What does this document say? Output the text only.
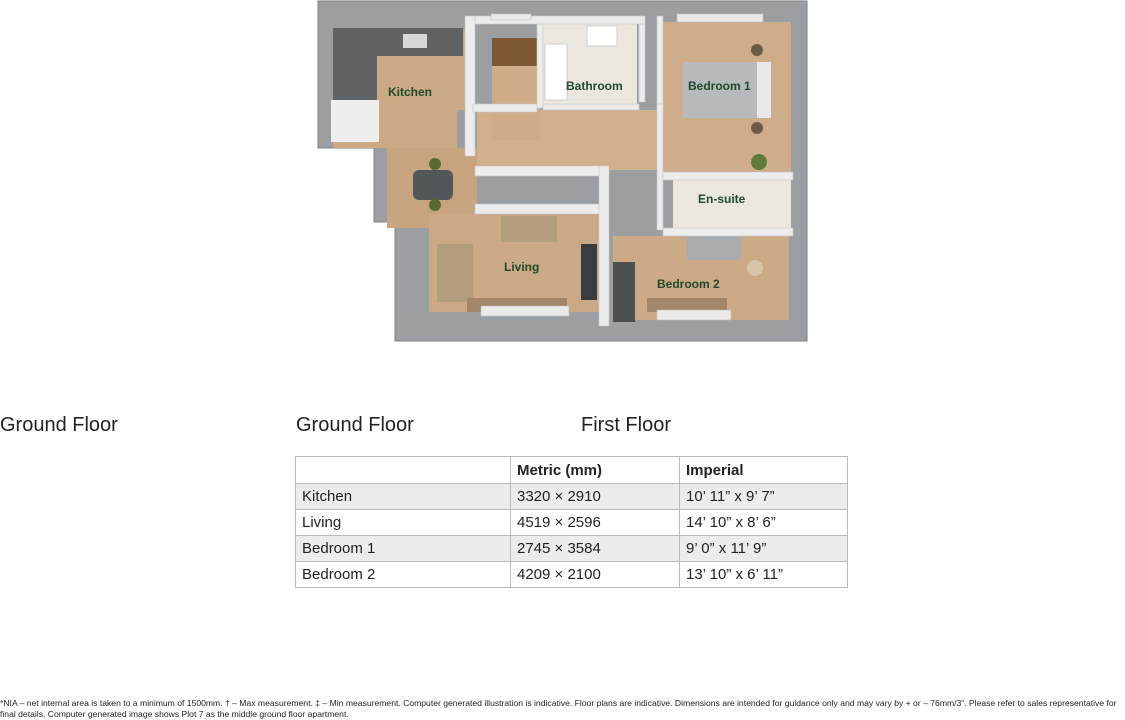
Kitchen	Bathroom	Bedroom 1
En-suite
Living
Bedroom 2
Ground Floor	Ground Floor	First Floor
	Metric (mm)	Imperial
Kitchen	3320 × 2910	10’ 11” x 9’ 7”
Living	4519 × 2596	14’ 10” x 8’ 6”
Bedroom 1	2745 × 3584	9’ 0” x 11’ 9”
Bedroom 2	4209 × 2100	13’ 10” x 6’ 11”
*NIA – net internal area is taken to a minimum of 1500mm. † – Max measurement. ‡ – Min measurement. Computer generated illustration is indicative. Floor plans are indicative. Dimensions are intended for guidance only and may vary by + or – 76mm/3”. Please refer to sales representative for final details. Computer generated image shows Plot 7 as the middle ground floor apartment.
